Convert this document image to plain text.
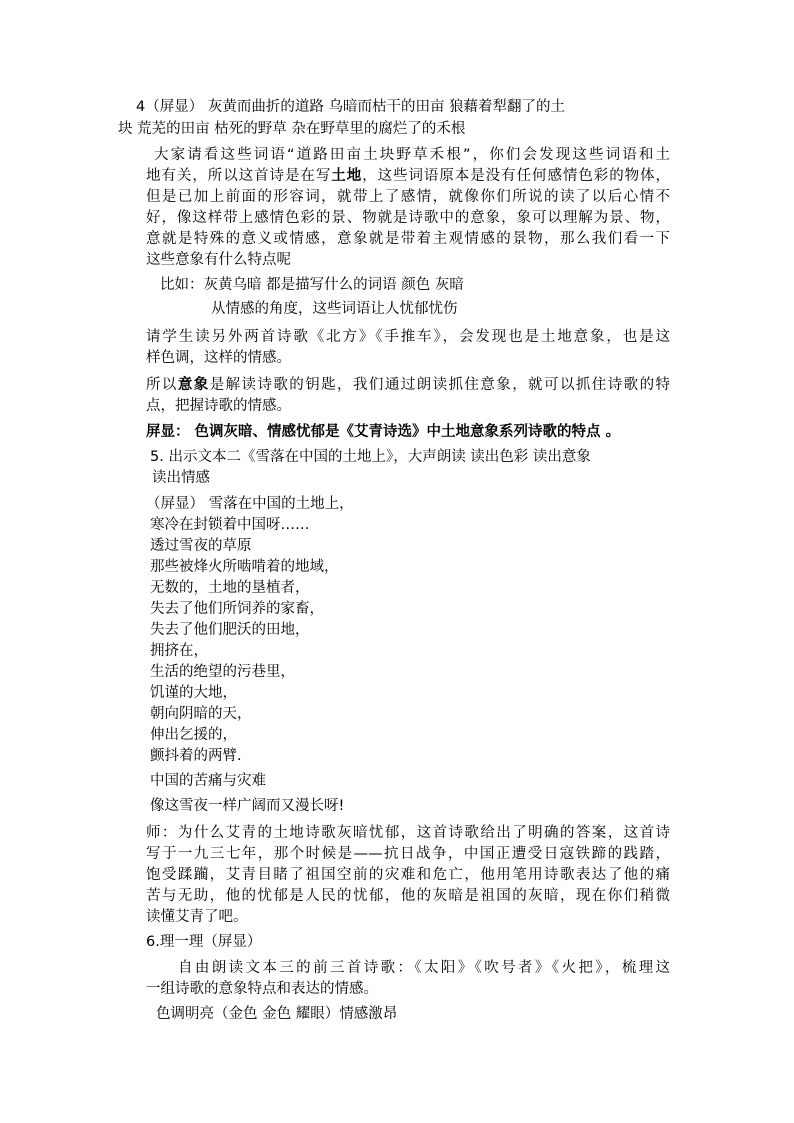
4（屏显） 灰黄而曲折的道路 乌暗而枯干的田亩 狼藉着犁翻了的土

块 荒芜的田亩 枯死的野草 杂在野草里的腐烂了的禾根

大家请看这些词语“道路田亩土块野草禾根”，你们会发现这些词语和土

地有关，所以这首诗是在写土地，这些词语原本是没有任何感情色彩的物体，

但是已加上前面的形容词，就带上了感情，就像你们所说的读了以后心情不

好，像这样带上感情色彩的景、物就是诗歌中的意象，象可以理解为景、物，

意就是特殊的意义或情感，意象就是带着主观情感的景物，那么我们看一下

这些意象有什么特点呢

比如：灰黄乌暗 都是描写什么的词语 颜色 灰暗

从情感的角度，这些词语让人忧郁忧伤

请学生读另外两首诗歌《北方》《手推车》，会发现也是土地意象，也是这

样色调，这样的情感。

所以意象是解读诗歌的钥匙，我们通过朗读抓住意象，就可以抓住诗歌的特

点，把握诗歌的情感。

屏显： 色调灰暗、情感忧郁是《艾青诗选》中土地意象系列诗歌的特点 。

5. 出示文本二《雪落在中国的土地上》，大声朗读 读出色彩 读出意象

读出情感

（屏显） 雪落在中国的土地上，

寒冷在封锁着中国呀……

透过雪夜的草原

那些被烽火所啮啃着的地域，

无数的，土地的垦植者，

失去了他们所饲养的家畜，

失去了他们肥沃的田地，

拥挤在，

生活的绝望的污巷里，

饥谨的大地，

朝向阴暗的天，

伸出乞援的，

颤抖着的两臂.

中国的苦痛与灾难

像这雪夜一样广阔而又漫长呀!

师：为什么艾青的土地诗歌灰暗忧郁，这首诗歌给出了明确的答案，这首诗

写于一九三七年，那个时候是——抗日战争，中国正遭受日寇铁蹄的践踏，

饱受蹂躏，艾青目睹了祖国空前的灾难和危亡，他用笔用诗歌表达了他的痛

苦与无助，他的忧郁是人民的忧郁，他的灰暗是祖国的灰暗，现在你们稍微

读懂艾青了吧。

6.理一理（屏显）

自由朗读文本三的前三首诗歌：《太阳》《吹号者》《火把》，梳理这

一组诗歌的意象特点和表达的情感。

色调明亮（金色 金色 耀眼）情感激昂
